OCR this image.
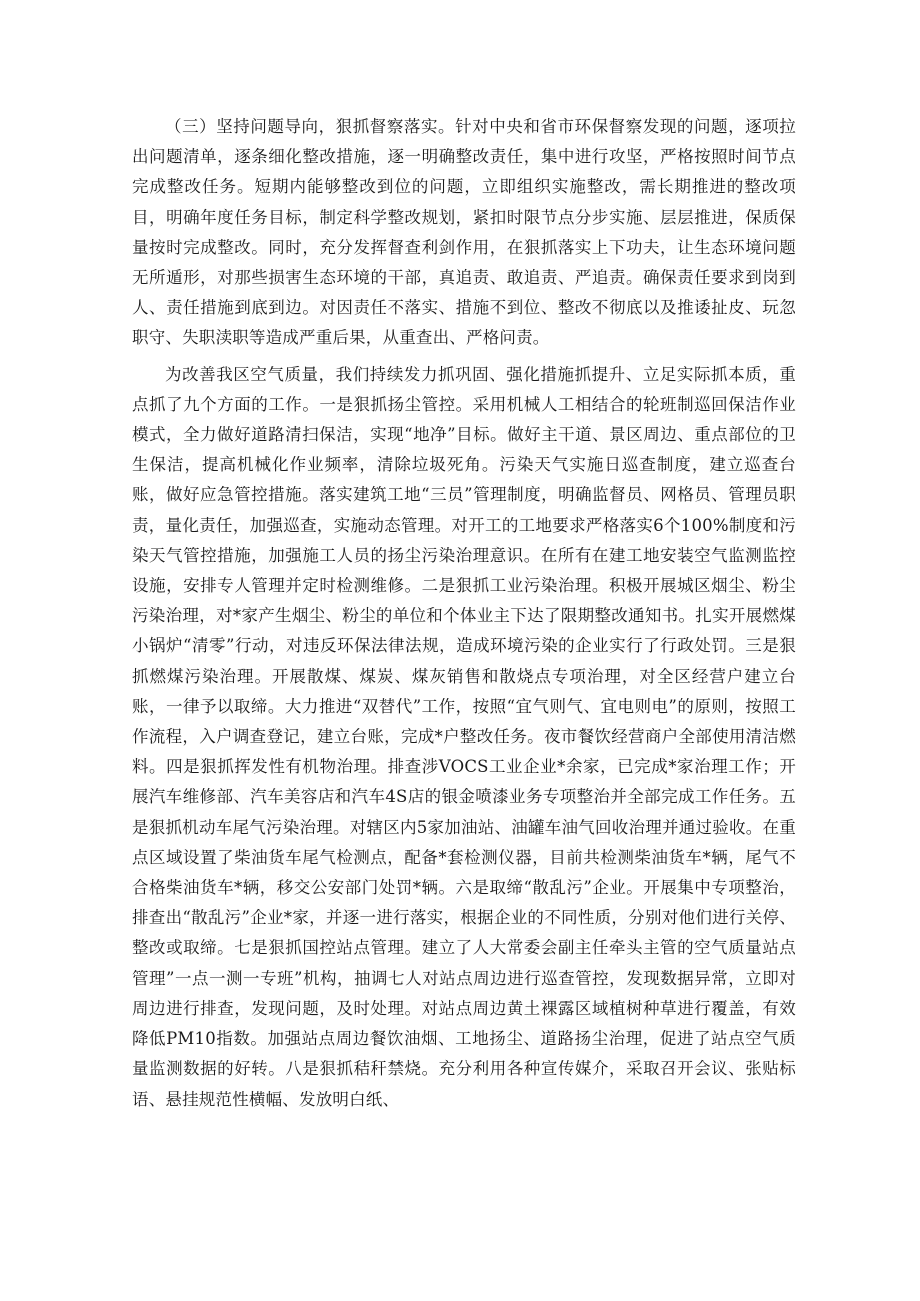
（三）坚持问题导向，狠抓督察落实。针对中央和省市环保督察发现的问题，逐项拉出问题清单，逐条细化整改措施，逐一明确整改责任，集中进行攻坚，严格按照时间节点完成整改任务。短期内能够整改到位的问题，立即组织实施整改，需长期推进的整改项目，明确年度任务目标，制定科学整改规划，紧扣时限节点分步实施、层层推进，保质保量按时完成整改。同时，充分发挥督查利剑作用，在狠抓落实上下功夫，让生态环境问题无所遁形，对那些损害生态环境的干部，真追责、敢追责、严追责。确保责任要求到岗到人、责任措施到底到边。对因责任不落实、措施不到位、整改不彻底以及推诿扯皮、玩忽职守、失职渎职等造成严重后果，从重查出、严格问责。

为改善我区空气质量，我们持续发力抓巩固、强化措施抓提升、立足实际抓本质，重点抓了九个方面的工作。一是狠抓扬尘管控。采用机械人工相结合的轮班制巡回保洁作业模式，全力做好道路清扫保洁，实现“地净”目标。做好主干道、景区周边、重点部位的卫生保洁，提高机械化作业频率，清除垃圾死角。污染天气实施日巡查制度，建立巡查台账，做好应急管控措施。落实建筑工地“三员”管理制度，明确监督员、网格员、管理员职责，量化责任，加强巡查，实施动态管理。对开工的工地要求严格落实6个100%制度和污染天气管控措施，加强施工人员的扬尘污染治理意识。在所有在建工地安装空气监测监控设施，安排专人管理并定时检测维修。二是狠抓工业污染治理。积极开展城区烟尘、粉尘污染治理，对*家产生烟尘、粉尘的单位和个体业主下达了限期整改通知书。扎实开展燃煤小锅炉“清零”行动，对违反环保法律法规，造成环境污染的企业实行了行政处罚。三是狠抓燃煤污染治理。开展散煤、煤炭、煤灰销售和散烧点专项治理，对全区经营户建立台账，一律予以取缔。大力推进“双替代”工作，按照“宜气则气、宜电则电”的原则，按照工作流程，入户调查登记，建立台账，完成*户整改任务。夜市餐饮经营商户全部使用清洁燃料。四是狠抓挥发性有机物治理。排查涉VOCS工业企业*余家，已完成*家治理工作；开展汽车维修部、汽车美容店和汽车4S店的银金喷漆业务专项整治并全部完成工作任务。五是狠抓机动车尾气污染治理。对辖区内5家加油站、油罐车油气回收治理并通过验收。在重点区域设置了柴油货车尾气检测点，配备*套检测仪器，目前共检测柴油货车*辆，尾气不合格柴油货车*辆，移交公安部门处罚*辆。六是取缔“散乱污”企业。开展集中专项整治，排查出“散乱污”企业*家，并逐一进行落实，根据企业的不同性质，分别对他们进行关停、整改或取缔。七是狠抓国控站点管理。建立了人大常委会副主任牵头主管的空气质量站点管理”一点一测一专班”机构，抽调七人对站点周边进行巡查管控，发现数据异常，立即对周边进行排查，发现问题，及时处理。对站点周边黄土裸露区域植树种草进行覆盖，有效降低PM10指数。加强站点周边餐饮油烟、工地扬尘、道路扬尘治理，促进了站点空气质量监测数据的好转。八是狠抓秸秆禁烧。充分利用各种宣传媒介，采取召开会议、张贴标语、悬挂规范性横幅、发放明白纸、
